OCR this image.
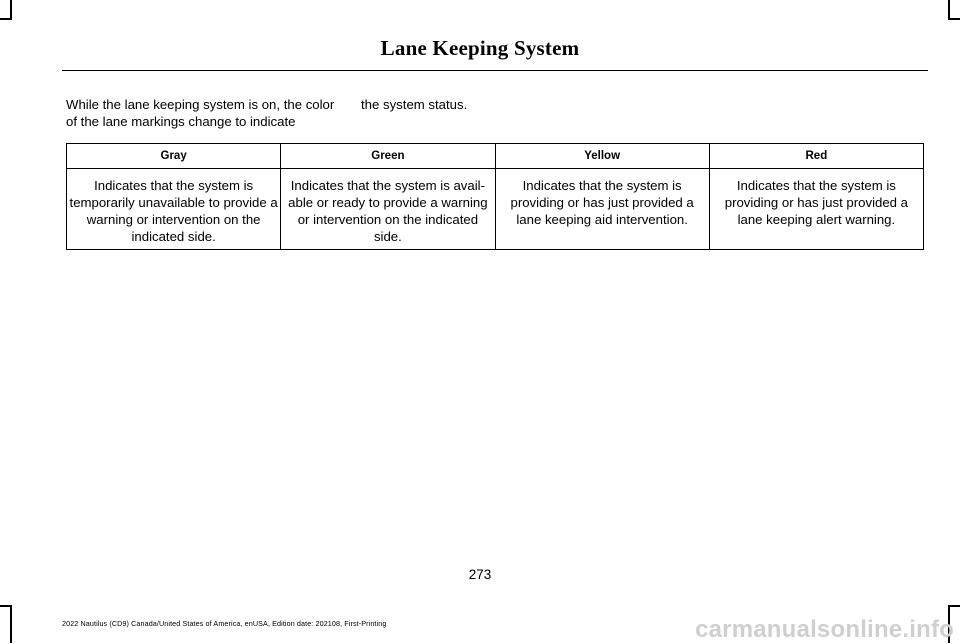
Lane Keeping System
While the lane keeping system is on, the color of the lane markings change to indicate
the system status.
Gray	Green	Yellow	Red
Indicates that the system is temporarily unavailable to provide a warning or intervention on the indicated side.	Indicates that the system is avail-able or ready to provide a warning or intervention on the indicated side.	Indicates that the system is providing or has just provided a lane keeping aid intervention.	Indicates that the system is providing or has just provided a lane keeping alert warning.
273
2022 Nautilus (CD9) Canada/United States of America, enUSA, Edition date: 202108, First-Printing	carmanualsonline.info
